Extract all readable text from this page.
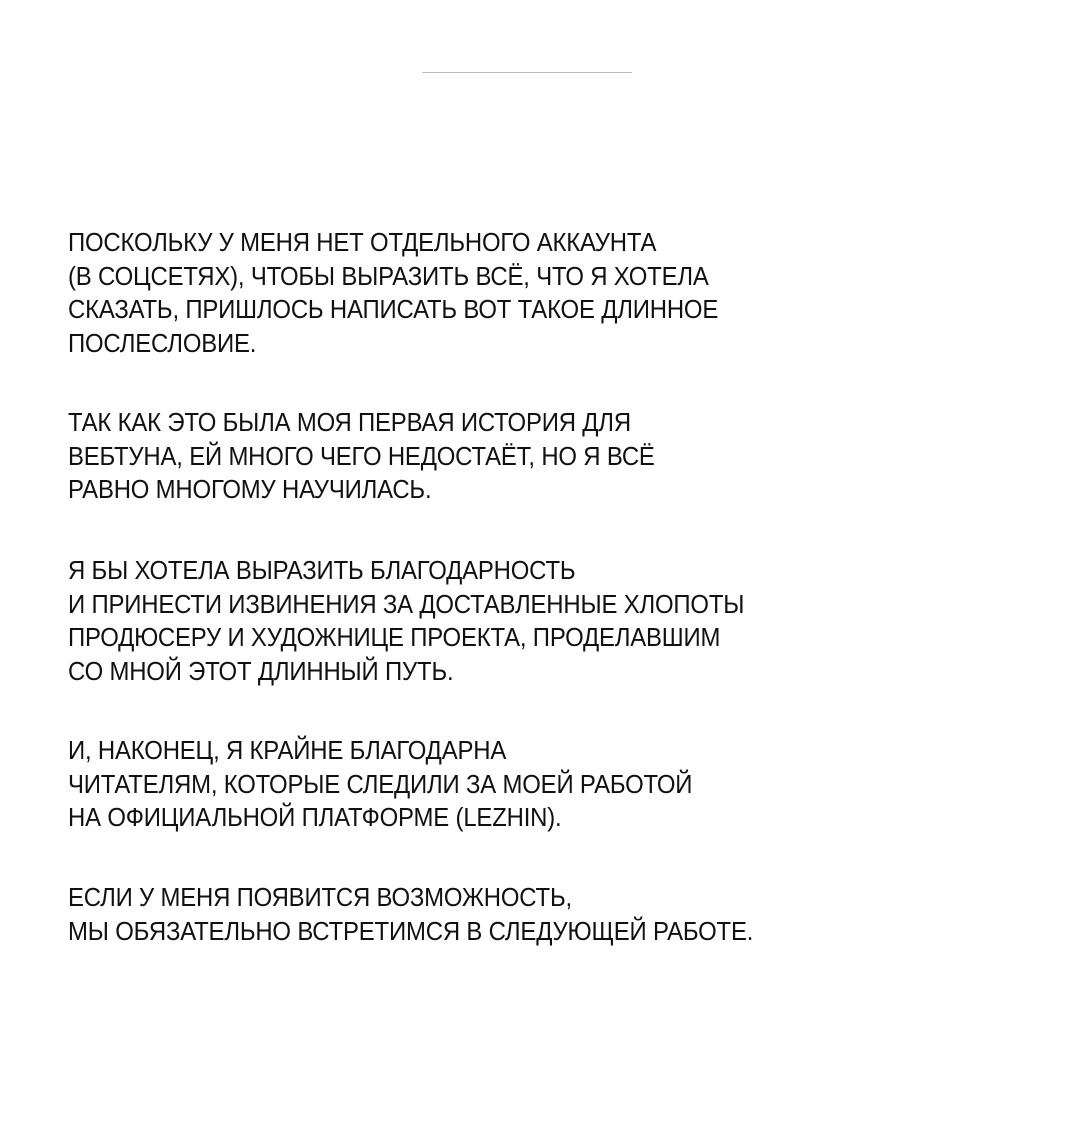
ПОСКОЛЬКУ У МЕНЯ НЕТ ОТДЕЛЬНОГО АККАУНТА
(В СОЦСЕТЯХ), ЧТОБЫ ВЫРАЗИТЬ ВСЁ, ЧТО Я ХОТЕЛА
СКАЗАТЬ, ПРИШЛОСЬ НАПИСАТЬ ВОТ ТАКОЕ ДЛИННОЕ
ПОСЛЕСЛОВИЕ.
ТАК КАК ЭТО БЫЛА МОЯ ПЕРВАЯ ИСТОРИЯ ДЛЯ
ВЕБТУНА, ЕЙ МНОГО ЧЕГО НЕДОСТАЁТ, НО Я ВСЁ
РАВНО МНОГОМУ НАУЧИЛАСЬ.
Я БЫ ХОТЕЛА ВЫРАЗИТЬ БЛАГОДАРНОСТЬ
И ПРИНЕСТИ ИЗВИНЕНИЯ ЗА ДОСТАВЛЕННЫЕ ХЛОПОТЫ
ПРОДЮСЕРУ И ХУДОЖНИЦЕ ПРОЕКТА, ПРОДЕЛАВШИМ
СО МНОЙ ЭТОТ ДЛИННЫЙ ПУТЬ.
И, НАКОНЕЦ, Я КРАЙНЕ БЛАГОДАРНА
ЧИТАТЕЛЯМ, КОТОРЫЕ СЛЕДИЛИ ЗА МОЕЙ РАБОТОЙ
НА ОФИЦИАЛЬНОЙ ПЛАТФОРМЕ (LEZHIN).
ЕСЛИ У МЕНЯ ПОЯВИТСЯ ВОЗМОЖНОСТЬ,
МЫ ОБЯЗАТЕЛЬНО ВСТРЕТИМСЯ В СЛЕДУЮЩЕЙ РАБОТЕ.
